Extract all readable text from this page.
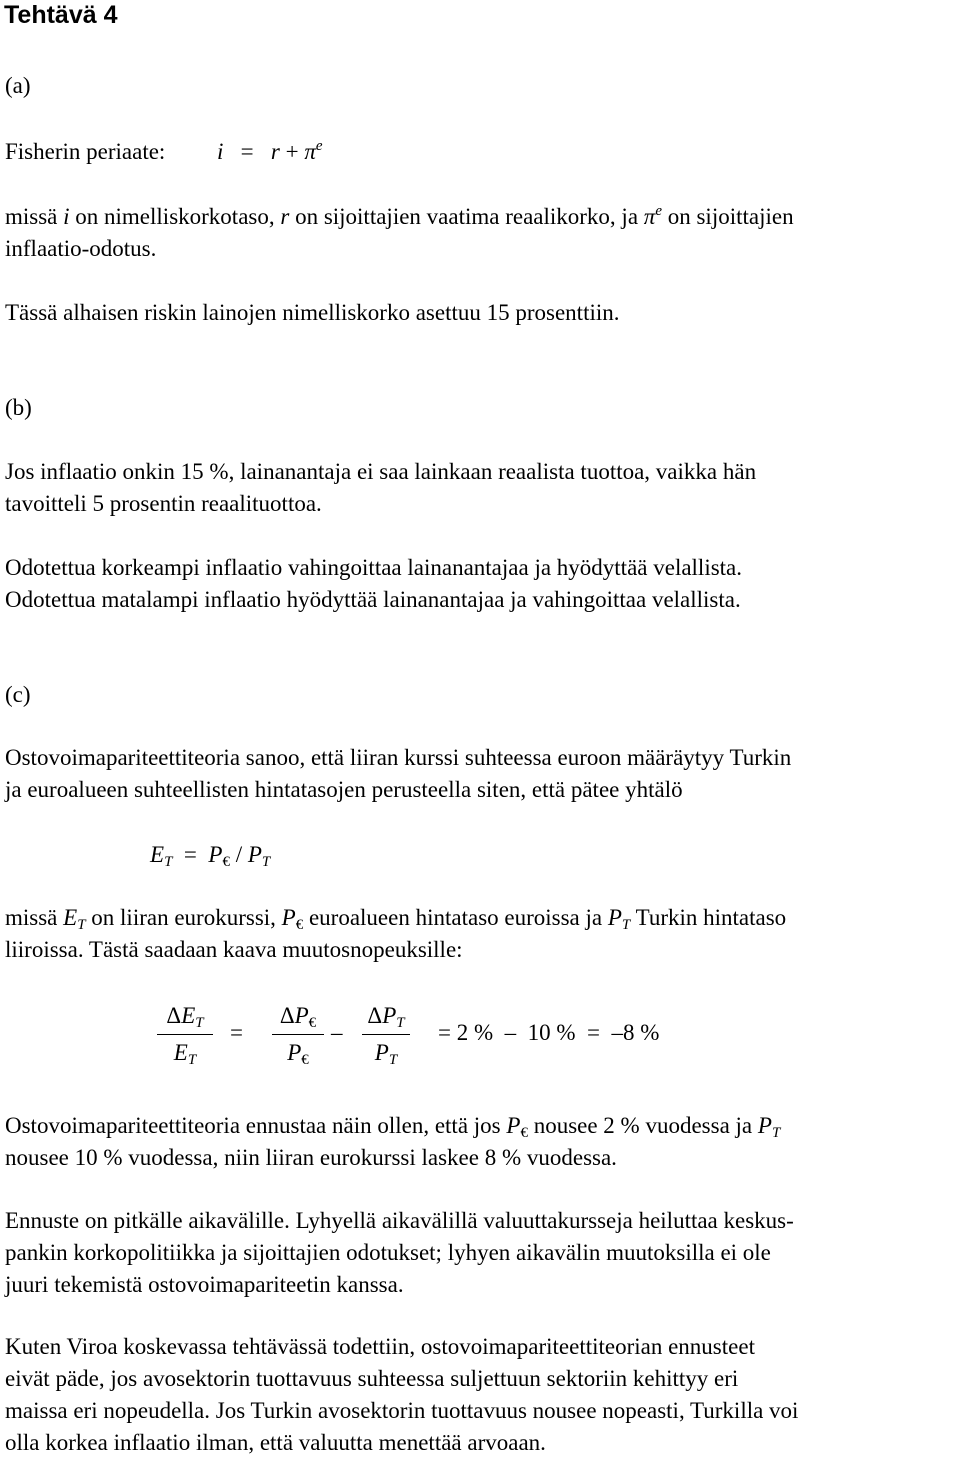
Tehtävä 4

(a)

Fisherin periaate: $i = r + \pi^e$

missä i on nimelliskorkotaso, r on sijoittajien vaatima reaalikorko, ja $\pi^e$ on sijoittajien

inflaatio-odotus.

Tässä alhaisen riskin lainojen nimelliskorko asettuu 15 prosenttiin.

(b)

Jos inflaatio onkin 15 %, lainanantaja ei saa lainkaan reaalista tuottoa, vaikka hän

tavoitteli 5 prosentin reaalituottoa.

Odotettua korkeampi inflaatio vahingoittaa lainanantajaa ja hyödyttää velallista.

Odotettua matalampi inflaatio hyödyttää lainanantajaa ja vahingoittaa velallista.

(c)

Ostovoimapariteettiteoria sanoo, että liiran kurssi suhteessa euroon määräytyy Turkin

ja euroalueen suhteellisten hintatasojen perusteella siten, että pätee yhtälö

$E_T = P_€ / P_T$

missä $E_T$ on liiran eurokurssi, $P_€$ euroalueen hintataso euroissa ja $P_T$ Turkin hintataso

liiroissa. Tästä saadaan kaava muutosnopeuksille:

$\Delta E_T$
$E_T$
=
$\Delta P_€$
$P_€$
–
$\Delta P_T$
$P_T$
= 2 %  –  10 %  =  –8 %

Ostovoimapariteettiteoria ennustaa näin ollen, että jos $P_€$ nousee 2 % vuodessa ja $P_T$

nousee 10 % vuodessa, niin liiran eurokurssi laskee 8 % vuodessa.

Ennuste on pitkälle aikavälille. Lyhyellä aikavälillä valuuttakursseja heiluttaa keskus-

pankin korkopolitiikka ja sijoittajien odotukset; lyhyen aikavälin muutoksilla ei ole

juuri tekemistä ostovoimapariteetin kanssa.

Kuten Viroa koskevassa tehtävässä todettiin, ostovoimapariteettiteorian ennusteet

eivät päde, jos avosektorin tuottavuus suhteessa suljettuun sektoriin kehittyy eri

maissa eri nopeudella. Jos Turkin avosektorin tuottavuus nousee nopeasti, Turkilla voi

olla korkea inflaatio ilman, että valuutta menettää arvoaan.
